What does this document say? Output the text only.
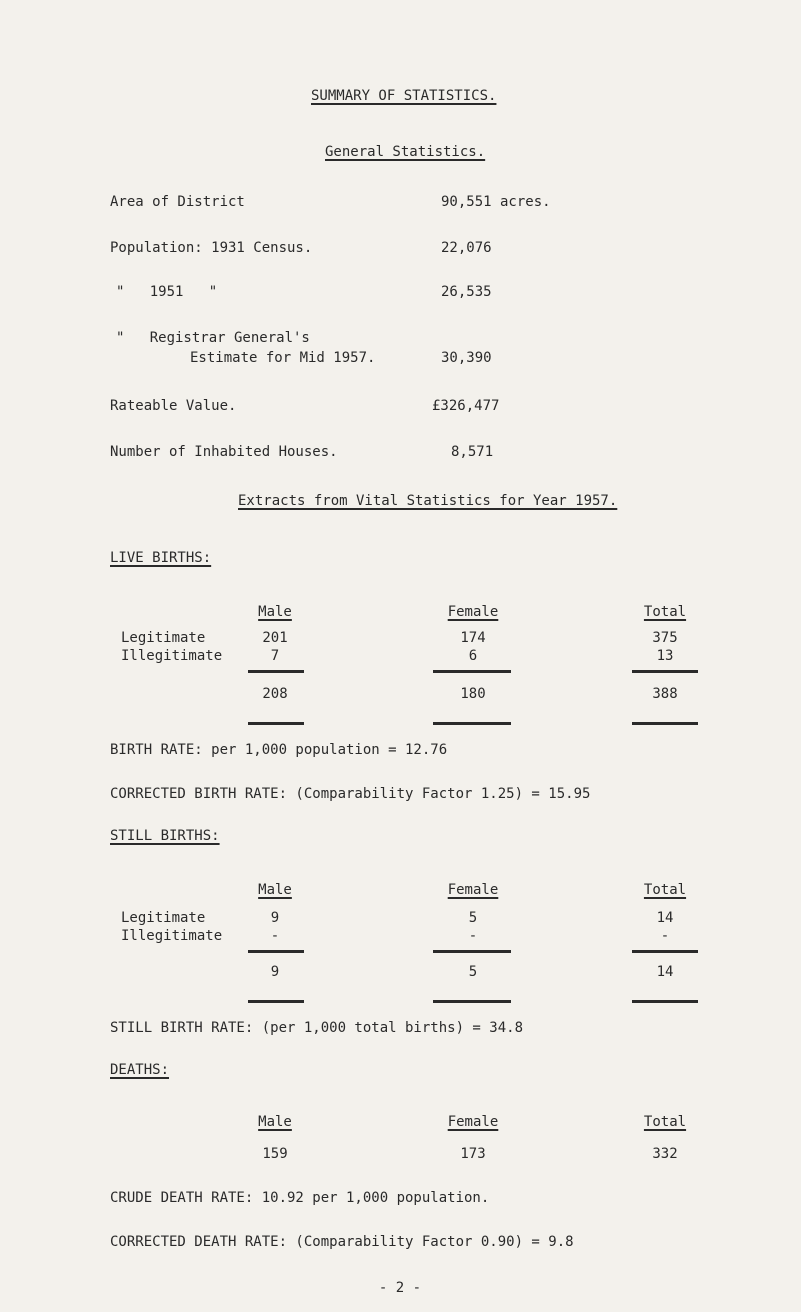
SUMMARY OF STATISTICS.
General Statistics.
Area of District	90,551 acres.
Population: 1931 Census.	22,076
"   1951   "	26,535
"   Registrar General's
Estimate for Mid 1957.	30,390
Rateable Value.	£326,477
Number of Inhabited Houses.	8,571
Extracts from Vital Statistics for Year 1957.
LIVE BIRTHS:
Male	Female	Total
Legitimate	201	174	375
Illegitimate	7	6	13
208	180	388
BIRTH RATE: per 1,000 population = 12.76
CORRECTED BIRTH RATE: (Comparability Factor 1.25) = 15.95
STILL BIRTHS:
Male	Female	Total
Legitimate	9	5	14
Illegitimate	-	-	-
9	5	14
STILL BIRTH RATE: (per 1,000 total births) = 34.8
DEATHS:
Male	Female	Total
159	173	332
CRUDE DEATH RATE: 10.92 per 1,000 population.
CORRECTED DEATH RATE: (Comparability Factor 0.90) = 9.8
- 2 -
